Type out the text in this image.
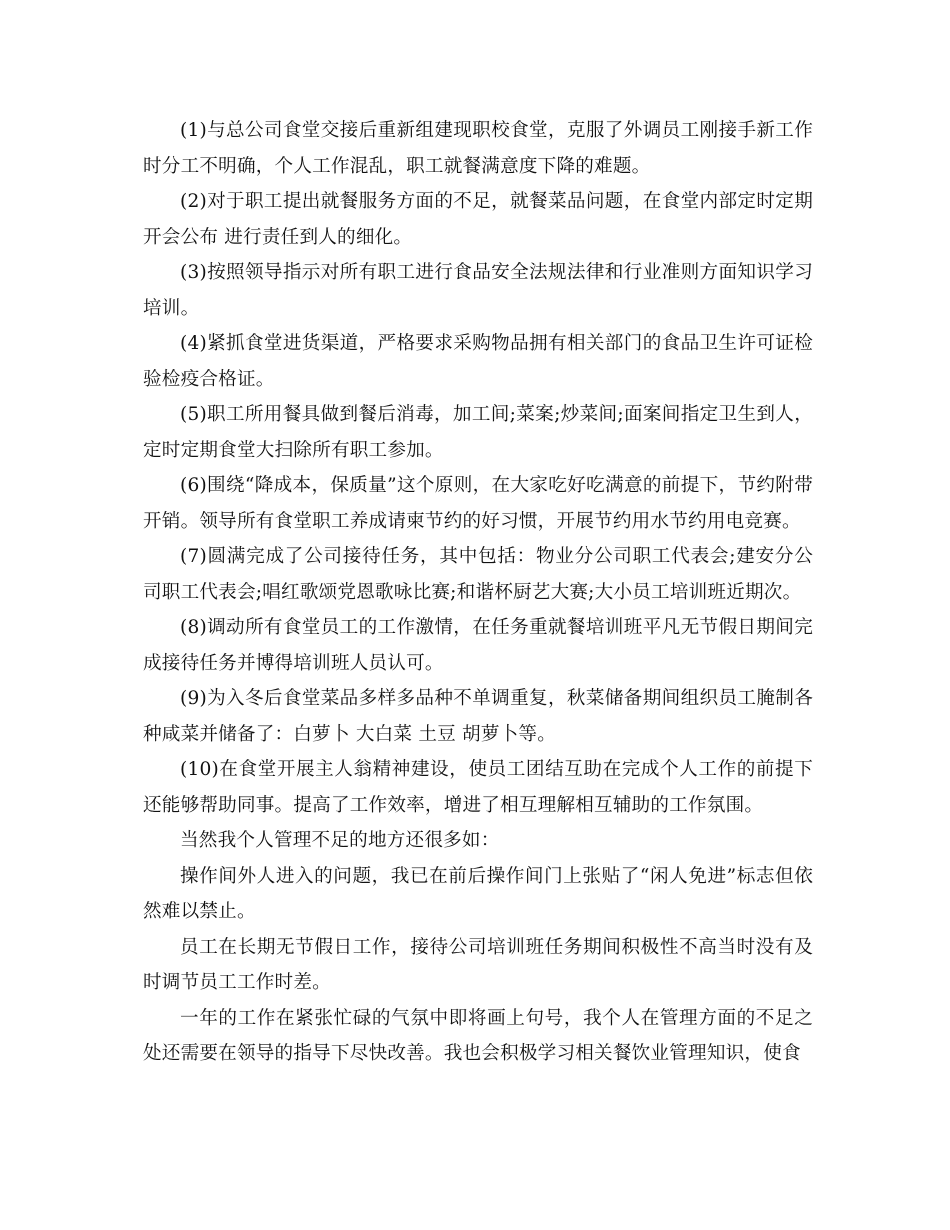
(1)与总公司食堂交接后重新组建现职校食堂，克服了外调员工刚接手新工作时分工不明确，个人工作混乱，职工就餐满意度下降的难题。

(2)对于职工提出就餐服务方面的不足，就餐菜品问题，在食堂内部定时定期开会公布 进行责任到人的细化。

(3)按照领导指示对所有职工进行食品安全法规法律和行业准则方面知识学习培训。

(4)紧抓食堂进货渠道，严格要求采购物品拥有相关部门的食品卫生许可证检验检疫合格证。

(5)职工所用餐具做到餐后消毒，加工间;菜案;炒菜间;面案间指定卫生到人，定时定期食堂大扫除所有职工参加。

(6)围绕“降成本，保质量”这个原则，在大家吃好吃满意的前提下，节约附带开销。领导所有食堂职工养成请柬节约的好习惯，开展节约用水节约用电竞赛。

(7)圆满完成了公司接待任务，其中包括：物业分公司职工代表会;建安分公司职工代表会;唱红歌颂党恩歌咏比赛;和谐杯厨艺大赛;大小员工培训班近期次。

(8)调动所有食堂员工的工作激情，在任务重就餐培训班平凡无节假日期间完成接待任务并博得培训班人员认可。

(9)为入冬后食堂菜品多样多品种不单调重复，秋菜储备期间组织员工腌制各种咸菜并储备了：白萝卜 大白菜 土豆 胡萝卜等。

(10)在食堂开展主人翁精神建设，使员工团结互助在完成个人工作的前提下还能够帮助同事。提高了工作效率，增进了相互理解相互辅助的工作氛围。

当然我个人管理不足的地方还很多如：

操作间外人进入的问题，我已在前后操作间门上张贴了“闲人免进”标志但依然难以禁止。

员工在长期无节假日工作，接待公司培训班任务期间积极性不高当时没有及时调节员工工作时差。

一年的工作在紧张忙碌的气氛中即将画上句号，我个人在管理方面的不足之处还需要在领导的指导下尽快改善。我也会积极学习相关餐饮业管理知识，使食
